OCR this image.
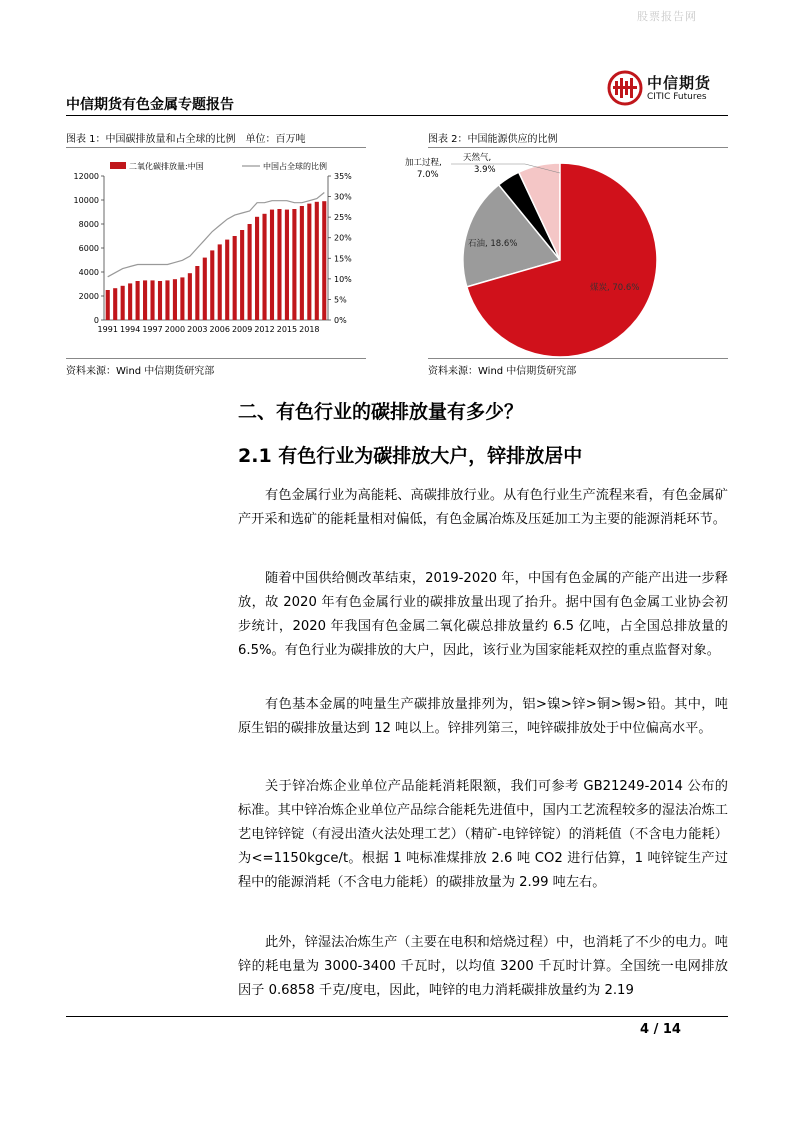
股票报告网
中信期货有色金属专题报告
中信期货
CITIC Futures
图表 1：中国碳排放量和占全球的比例　单位：百万吨	图表 2：中国能源供应的比例
二氧化碳排放量:中国	中国占全球的比例
0
2000
4000
6000
8000
10000
12000
0%
5%
10%
15%
20%
25%
30%
35%
1991 1994 1997 2000 2003 2006 2009 2012 2015 2018
煤炭, 70.6%
石油, 18.6%
加工过程,
7.0%
天然气,
3.9%
资料来源：Wind 中信期货研究部	资料来源：Wind 中信期货研究部
二、有色行业的碳排放量有多少？
2.1 有色行业为碳排放大户，锌排放居中
有色金属行业为高能耗、高碳排放行业。从有色行业生产流程来看，有色金属矿产开采和选矿的能耗量相对偏低，有色金属冶炼及压延加工为主要的能源消耗环节。
随着中国供给侧改革结束，2019-2020 年，中国有色金属的产能产出进一步释放，故 2020 年有色金属行业的碳排放量出现了抬升。据中国有色金属工业协会初步统计，2020 年我国有色金属二氧化碳总排放量约 6.5 亿吨，占全国总排放量的 6.5%。有色行业为碳排放的大户，因此，该行业为国家能耗双控的重点监督对象。
有色基本金属的吨量生产碳排放量排列为，铝>镍>锌>铜>锡>铅。其中，吨原生铝的碳排放量达到 12 吨以上。锌排列第三，吨锌碳排放处于中位偏高水平。
关于锌冶炼企业单位产品能耗消耗限额，我们可参考 GB21249-2014 公布的标准。其中锌冶炼企业单位产品综合能耗先进值中，国内工艺流程较多的湿法冶炼工艺电锌锌锭（有浸出渣火法处理工艺）（精矿-电锌锌锭）的消耗值（不含电力能耗）为<=1150kgce/t。根据 1 吨标准煤排放 2.6 吨 CO2 进行估算，1 吨锌锭生产过程中的能源消耗（不含电力能耗）的碳排放量为 2.99 吨左右。
此外，锌湿法冶炼生产（主要在电积和焙烧过程）中，也消耗了不少的电力。吨锌的耗电量为 3000-3400 千瓦时，以均值 3200 千瓦时计算。全国统一电网排放因子 0.6858 千克/度电，因此，吨锌的电力消耗碳排放量约为 2.19
4 / 14
